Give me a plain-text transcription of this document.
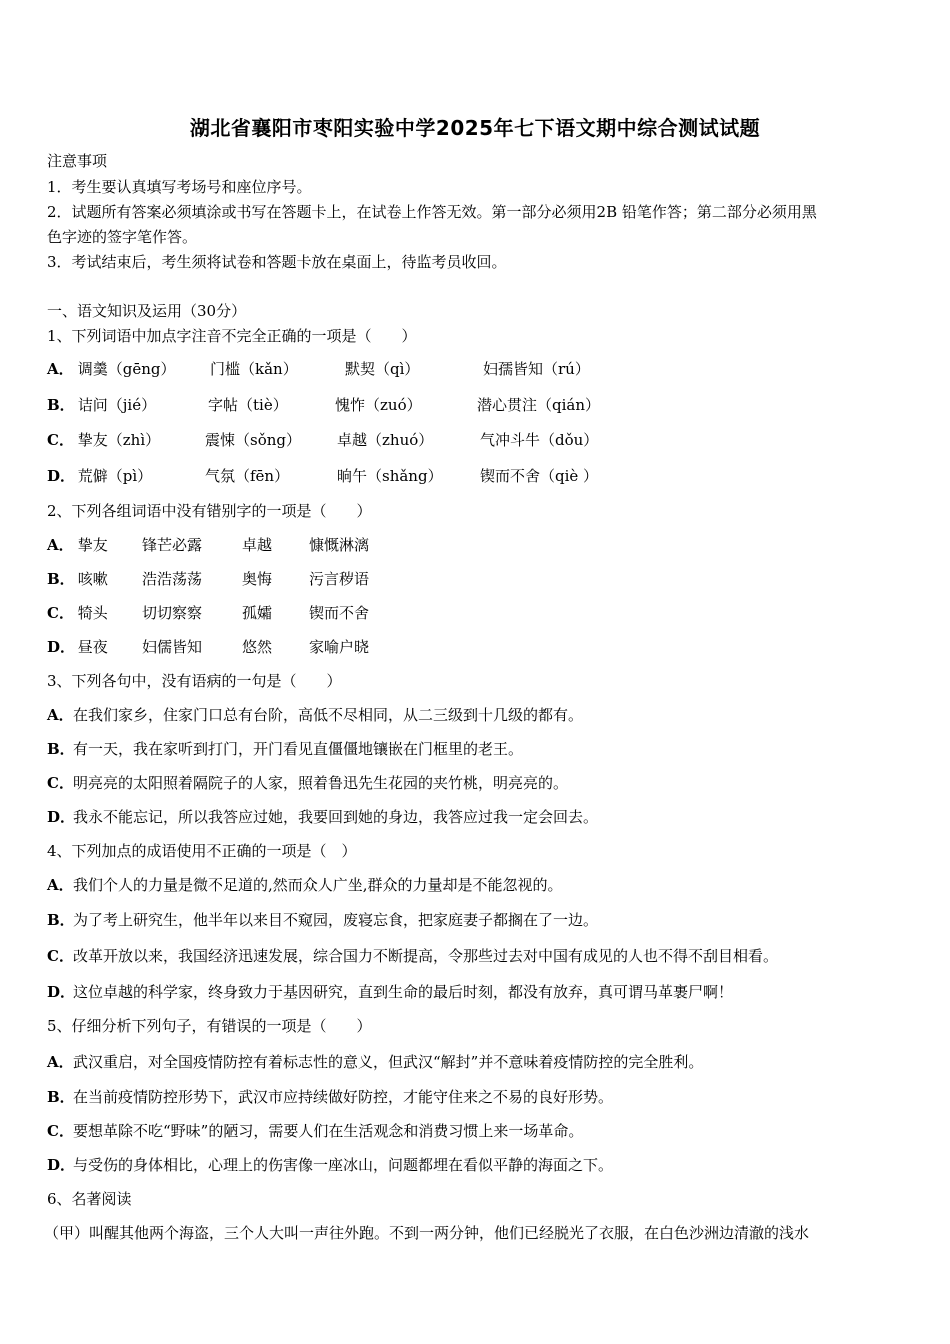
湖北省襄阳市枣阳实验中学2025年七下语文期中综合测试试题
注意事项
1．考生要认真填写考场号和座位序号。
2．试题所有答案必须填涂或书写在答题卡上，在试卷上作答无效。第一部分必须用2B 铅笔作答；第二部分必须用黑
色字迹的签字笔作答。
3．考试结束后，考生须将试卷和答题卡放在桌面上，待监考员收回。
一、语文知识及运用（30分）
1、下列词语中加点字注音不完全正确的一项是（　　）
A． 调羹（gēng） 门槛（kǎn）	默契（qì）	妇孺皆知（rú）
B． 诘问（jié）	字帖（tiè）	愧怍（zuó）	潜心贯注（qián）
C． 挚友（zhì）	震悚（sǒng） 卓越（zhuó）	气冲斗牛（dǒu）
D． 荒僻（pì）	气氛（fēn）	晌午（shǎng） 锲而不舍（qiè ）
2、下列各组词语中没有错别字的一项是（　　）
A． 挚友 锋芒必露	卓越 慷慨淋漓
B． 咳嗽 浩浩荡荡	奥悔 污言秽语
C． 犄头 切切察察	孤孀 锲而不舍
D． 昼夜 妇儒皆知	悠然 家喻户晓
3、下列各句中，没有语病的一句是（　　）
A．在我们家乡，住家门口总有台阶，高低不尽相同，从二三级到十几级的都有。
B．有一天，我在家听到打门，开门看见直僵僵地镶嵌在门框里的老王。
C．明亮亮的太阳照着隔院子的人家，照着鲁迅先生花园的夹竹桃，明亮亮的。
D．我永不能忘记，所以我答应过她，我要回到她的身边，我答应过我一定会回去。
4、下列加点的成语使用不正确的一项是（　）
A．我们个人的力量是微不足道的,然而众人广坐,群众的力量却是不能忽视的。
B．为了考上研究生，他半年以来目不窥园，废寝忘食，把家庭妻子都搁在了一边。
C．改革开放以来，我国经济迅速发展，综合国力不断提高，令那些过去对中国有成见的人也不得不刮目相看。
D．这位卓越的科学家，终身致力于基因研究，直到生命的最后时刻，都没有放弃，真可谓马革裹尸啊！
5、仔细分析下列句子，有错误的一项是（　　）
A．武汉重启，对全国疫情防控有着标志性的意义，但武汉“解封”并不意味着疫情防控的完全胜利。
B．在当前疫情防控形势下，武汉市应持续做好防控，才能守住来之不易的良好形势。
C．要想革除不吃“野味”的陋习，需要人们在生活观念和消费习惯上来一场革命。
D．与受伤的身体相比，心理上的伤害像一座冰山，问题都埋在看似平静的海面之下。
6、名著阅读
（甲）叫醒其他两个海盗，三个人大叫一声往外跑。不到一两分钟，他们已经脱光了衣服，在白色沙洲边清澈的浅水
